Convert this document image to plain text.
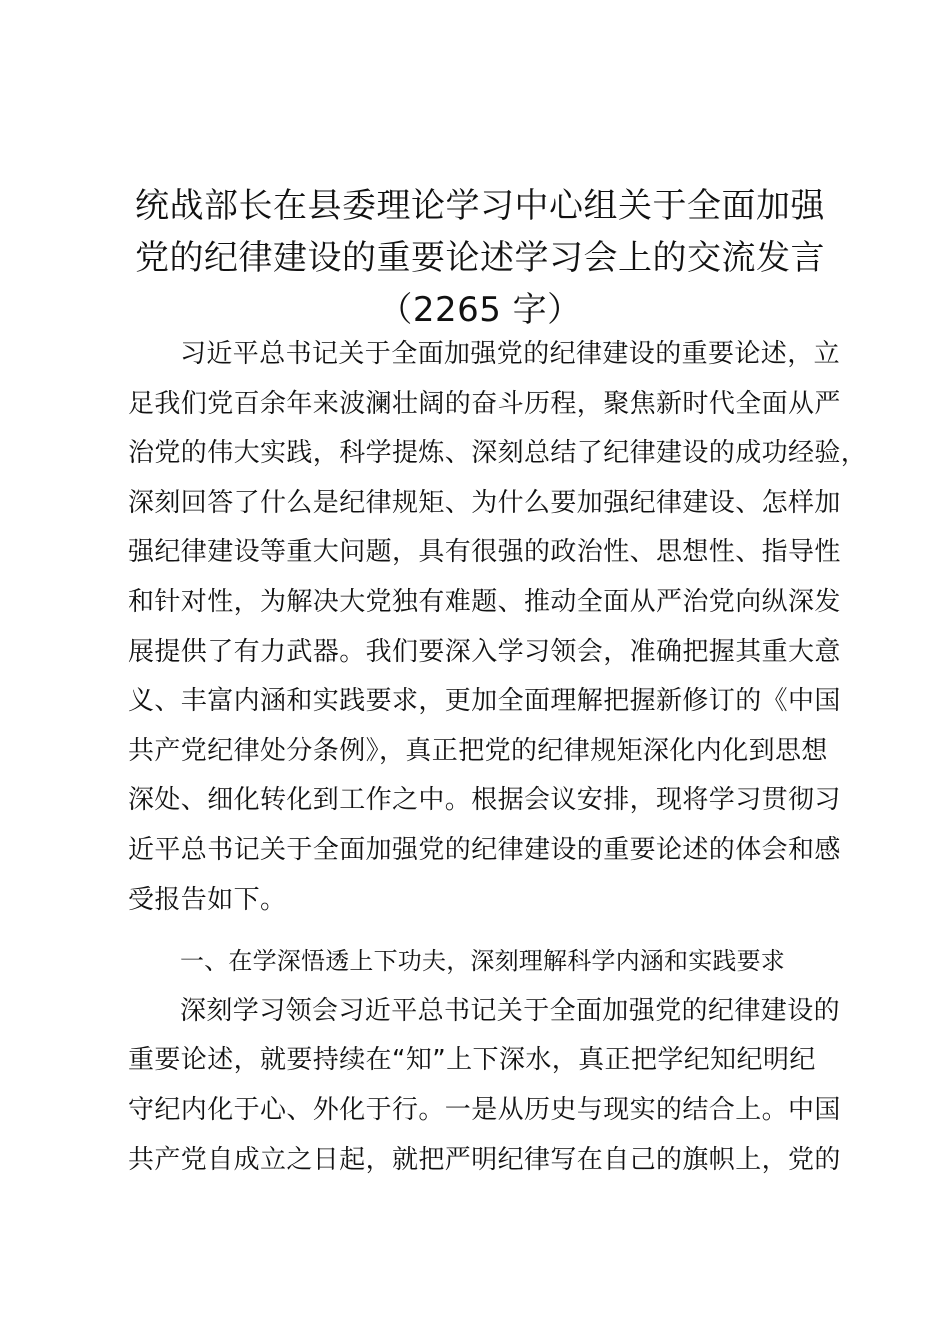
统战部长在县委理论学习中心组关于全面加强
党的纪律建设的重要论述学习会上的交流发言
（2265 字）
习近平总书记关于全面加强党的纪律建设的重要论述，立
足我们党百余年来波澜壮阔的奋斗历程，聚焦新时代全面从严
治党的伟大实践，科学提炼、深刻总结了纪律建设的成功经验，
深刻回答了什么是纪律规矩、为什么要加强纪律建设、怎样加
强纪律建设等重大问题，具有很强的政治性、思想性、指导性
和针对性，为解决大党独有难题、推动全面从严治党向纵深发
展提供了有力武器。我们要深入学习领会，准确把握其重大意
义、丰富内涵和实践要求，更加全面理解把握新修订的《中国
共产党纪律处分条例》，真正把党的纪律规矩深化内化到思想
深处、细化转化到工作之中。根据会议安排，现将学习贯彻习
近平总书记关于全面加强党的纪律建设的重要论述的体会和感
受报告如下。
一、在学深悟透上下功夫，深刻理解科学内涵和实践要求
深刻学习领会习近平总书记关于全面加强党的纪律建设的
重要论述，就要持续在“知”上下深水，真正把学纪知纪明纪
守纪内化于心、外化于行。一是从历史与现实的结合上。中国
共产党自成立之日起，就把严明纪律写在自己的旗帜上，党的
